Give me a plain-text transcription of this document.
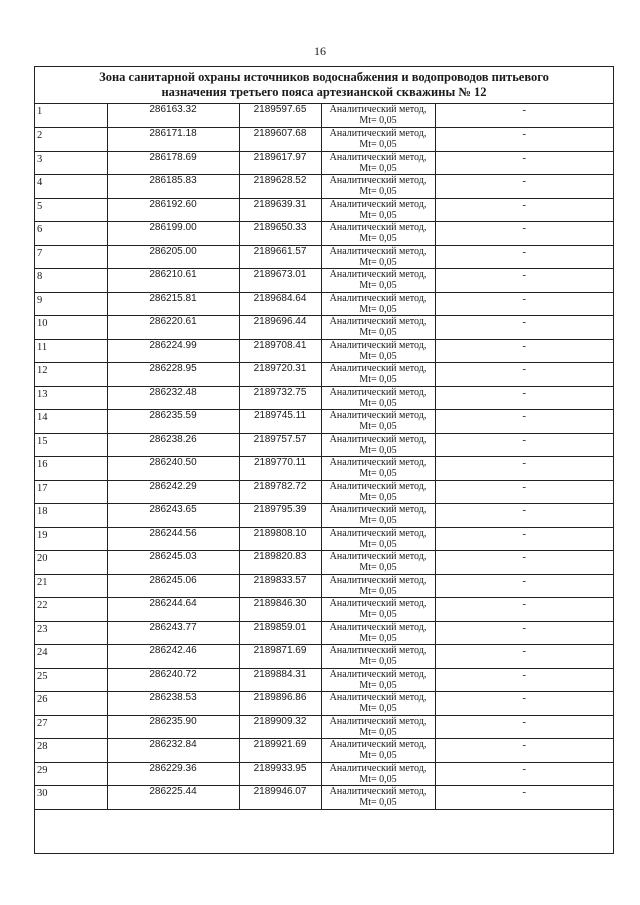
16
Зона санитарной охраны источников водоснабжения и водопроводов питьевого
назначения третьего пояса артезианской скважины № 12
1	286163.32	2189597.65	Аналитический метод,
Mt= 0,05	-
2	286171.18	2189607.68	Аналитический метод,
Mt= 0,05	-
3	286178.69	2189617.97	Аналитический метод,
Mt= 0,05	-
4	286185.83	2189628.52	Аналитический метод,
Mt= 0,05	-
5	286192.60	2189639.31	Аналитический метод,
Mt= 0,05	-
6	286199.00	2189650.33	Аналитический метод,
Mt= 0,05	-
7	286205.00	2189661.57	Аналитический метод,
Mt= 0,05	-
8	286210.61	2189673.01	Аналитический метод,
Mt= 0,05	-
9	286215.81	2189684.64	Аналитический метод,
Mt= 0,05	-
10	286220.61	2189696.44	Аналитический метод,
Mt= 0,05	-
11	286224.99	2189708.41	Аналитический метод,
Mt= 0,05	-
12	286228.95	2189720.31	Аналитический метод,
Mt= 0,05	-
13	286232.48	2189732.75	Аналитический метод,
Mt= 0,05	-
14	286235.59	2189745.11	Аналитический метод,
Mt= 0,05	-
15	286238.26	2189757.57	Аналитический метод,
Mt= 0,05	-
16	286240.50	2189770.11	Аналитический метод,
Mt= 0,05	-
17	286242.29	2189782.72	Аналитический метод,
Mt= 0,05	-
18	286243.65	2189795.39	Аналитический метод,
Mt= 0,05	-
19	286244.56	2189808.10	Аналитический метод,
Mt= 0,05	-
20	286245.03	2189820.83	Аналитический метод,
Mt= 0,05	-
21	286245.06	2189833.57	Аналитический метод,
Mt= 0,05	-
22	286244.64	2189846.30	Аналитический метод,
Mt= 0,05	-
23	286243.77	2189859.01	Аналитический метод,
Mt= 0,05	-
24	286242.46	2189871.69	Аналитический метод,
Mt= 0,05	-
25	286240.72	2189884.31	Аналитический метод,
Mt= 0,05	-
26	286238.53	2189896.86	Аналитический метод,
Mt= 0,05	-
27	286235.90	2189909.32	Аналитический метод,
Mt= 0,05	-
28	286232.84	2189921.69	Аналитический метод,
Mt= 0,05	-
29	286229.36	2189933.95	Аналитический метод,
Mt= 0,05	-
30	286225.44	2189946.07	Аналитический метод,
Mt= 0,05	-
